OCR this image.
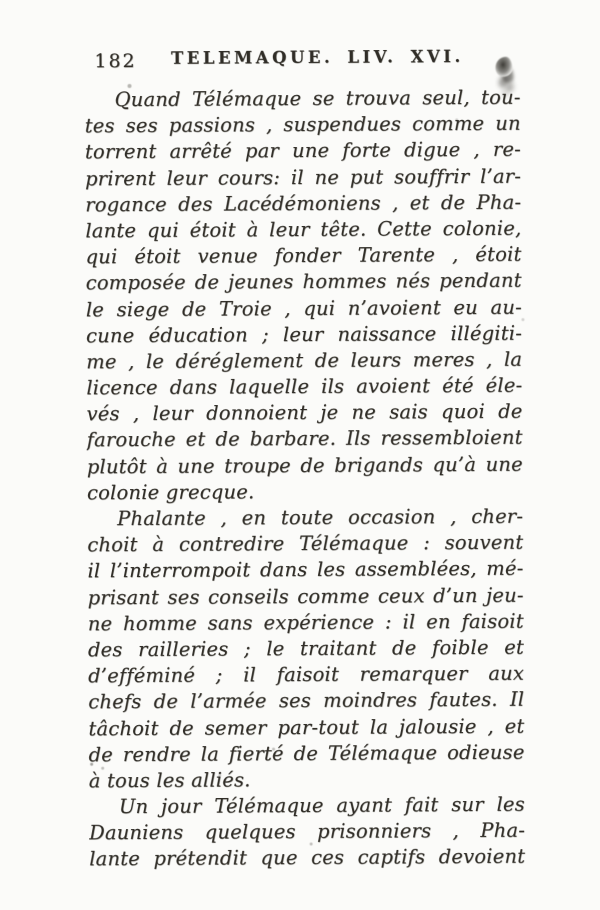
182	TELEMAQUE. LIV. XVI.
Quand Télémaque se trouva seul, tou-
tes ses passions , suspendues comme un
torrent arrêté par une forte digue , re-
prirent leur cours: il ne put souffrir l’ar-
rogance des Lacédémoniens , et de Pha-
lante qui étoit à leur tête. Cette colonie,
qui étoit venue fonder Tarente , étoit
composée de jeunes hommes nés pendant
le siege de Troie , qui n’avoient eu au-
cune éducation ; leur naissance illégiti-
me , le déréglement de leurs meres , la
licence dans laquelle ils avoient été éle-
vés , leur donnoient je ne sais quoi de
farouche et de barbare. Ils ressembloient
plutôt à une troupe de brigands qu’à une
colonie grecque.
Phalante , en toute occasion , cher-
choit à contredire Télémaque : souvent
il l’interrompoit dans les assemblées, mé-
prisant ses conseils comme ceux d’un jeu-
ne homme sans expérience : il en faisoit
des railleries ; le traitant de foible et
d’efféminé ; il faisoit remarquer aux
chefs de l’armée ses moindres fautes. Il
tâchoit de semer par-tout la jalousie , et
de rendre la fierté de Télémaque odieuse
à tous les alliés.
Un jour Télémaque ayant fait sur les
Dauniens quelques prisonniers , Pha-
lante prétendit que ces captifs devoient
